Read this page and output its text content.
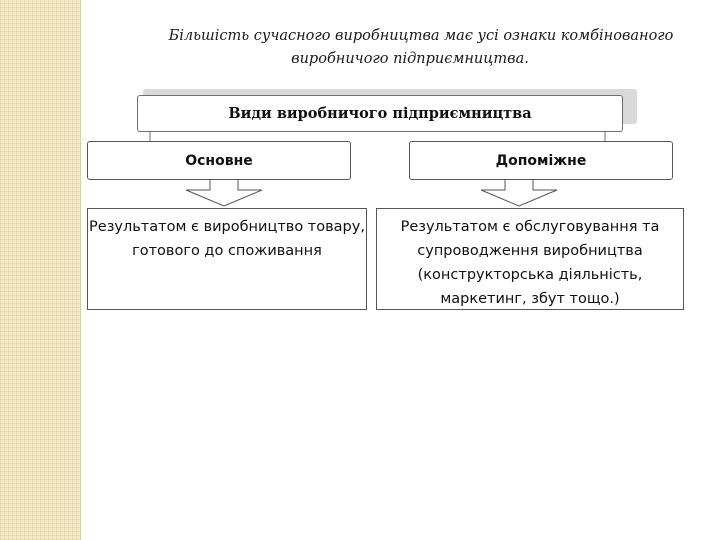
Більшість сучасного виробництва має усі ознаки комбінованого виробничого підприємництва.
Види виробничого підприємництва
Основне	Допоміжне
Результатом є виробництво товару, готового до споживання
Результатом є обслуговування та супроводження виробництва (конструкторська діяльність, маркетинг, збут тощо.)
